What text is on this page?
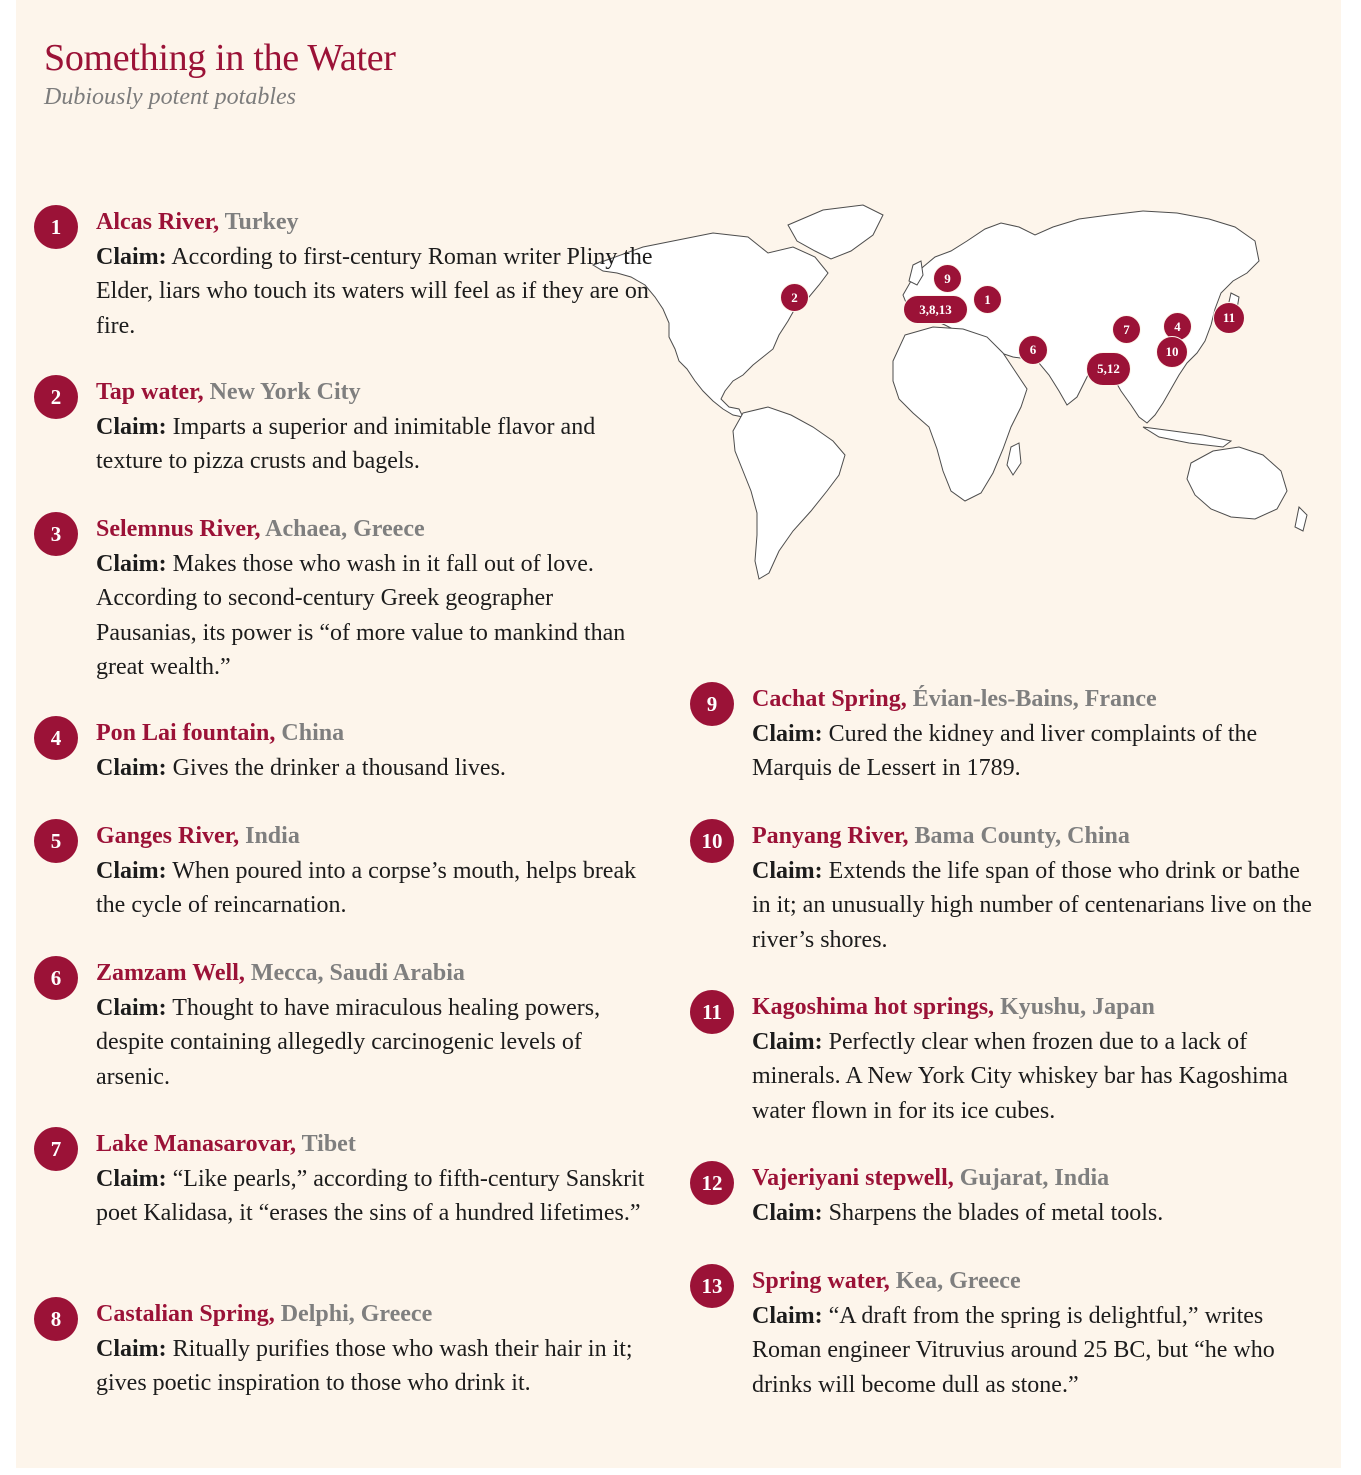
Something in the Water

Dubiously potent potables

2
9
3,8,13
1
7	4
11
6	10
5,12
1	Alcas River, Turkey

Claim: According to first-century Roman writer Pliny the Elder, liars who touch its waters will feel as if they are on fire.

2	Tap water, New York City

Claim: Imparts a superior and inimitable flavor and texture to pizza crusts and bagels.

3	Selemnus River, Achaea, Greece

Claim: Makes those who wash in it fall out of love. According to second-century Greek geographer Pausanias, its power is “of more value to mankind than great wealth.”

4	Pon Lai fountain, China

Claim: Gives the drinker a thousand lives.

5	Ganges River, India

Claim: When poured into a corpse’s mouth, helps break the cycle of reincarnation.

6	Zamzam Well, Mecca, Saudi Arabia

Claim: Thought to have miraculous healing powers, despite containing allegedly carcinogenic levels of arsenic.

7	Lake Manasarovar, Tibet

Claim: “Like pearls,” according to fifth-century Sanskrit poet Kalidasa, it “erases the sins of a hundred lifetimes.”

8	Castalian Spring, Delphi, Greece

Claim: Ritually purifies those who wash their hair in it; gives poetic inspiration to those who drink it.

9	Cachat Spring, Évian-les-Bains, France

Claim: Cured the kidney and liver complaints of the Marquis de Lessert in 1789.

10	Panyang River, Bama County, China

Claim: Extends the life span of those who drink or bathe in it; an unusually high number of centenarians live on the river’s shores.

11	Kagoshima hot springs, Kyushu, Japan

Claim: Perfectly clear when frozen due to a lack of minerals. A New York City whiskey bar has Kagoshima water flown in for its ice cubes.

12	Vajeriyani stepwell, Gujarat, India

Claim: Sharpens the blades of metal tools.

13	Spring water, Kea, Greece

Claim: “A draft from the spring is delightful,” writes Roman engineer Vitruvius around 25 BC, but “he who drinks will become dull as stone.”
